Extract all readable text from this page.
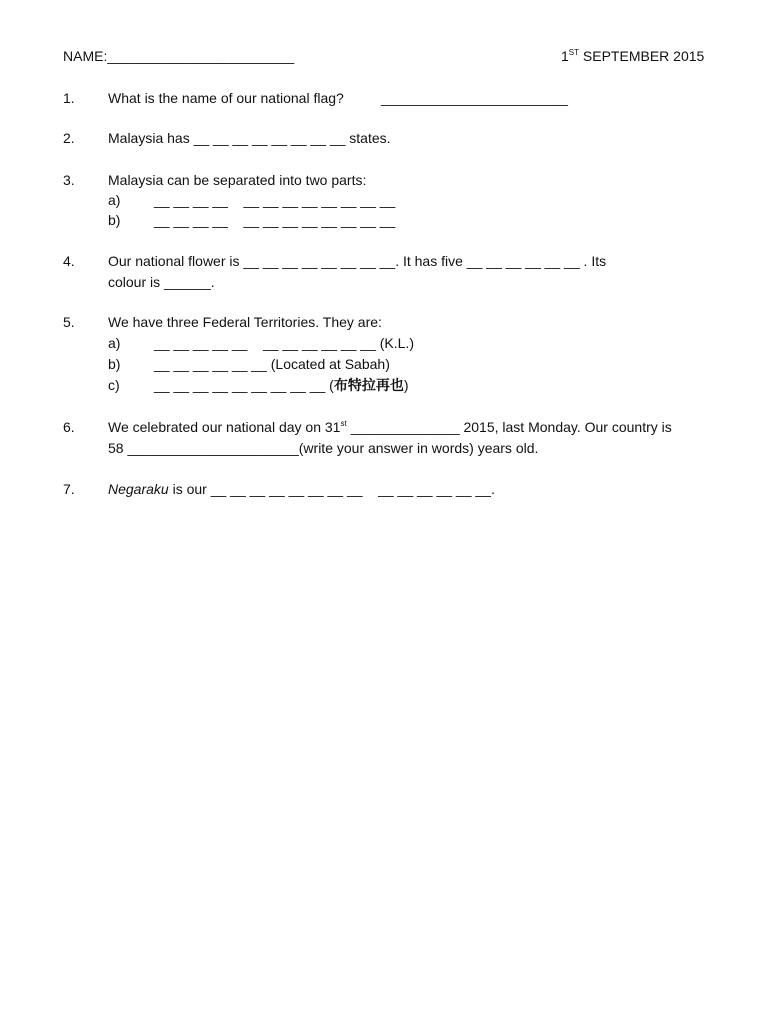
NAME:________________________	1ST SEPTEMBER 2015
1. What is the name of our national flag?	________________________
2. Malaysia has __ __ __ __ __ __ __ __ states.
3. Malaysia can be separated into two parts:
a) __ __ __ __    __ __ __ __ __ __ __ __
b) __ __ __ __    __ __ __ __ __ __ __ __
4. Our national flower is __ __ __ __ __ __ __ __. It has five __ __ __ __ __ __ . Its
colour is ______.
5. We have three Federal Territories. They are:
a) __ __ __ __ __    __ __ __ __ __ __ (K.L.)
b) __ __ __ __ __ __ (Located at Sabah)
c) __ __ __ __ __ __ __ __ __ (布特拉再也)
6. We celebrated our national day on 31st ______________ 2015, last Monday. Our country is
58 ______________________(write your answer in words) years old.
7. Negaraku is our __ __ __ __ __ __ __ __    __ __ __ __ __ __.
